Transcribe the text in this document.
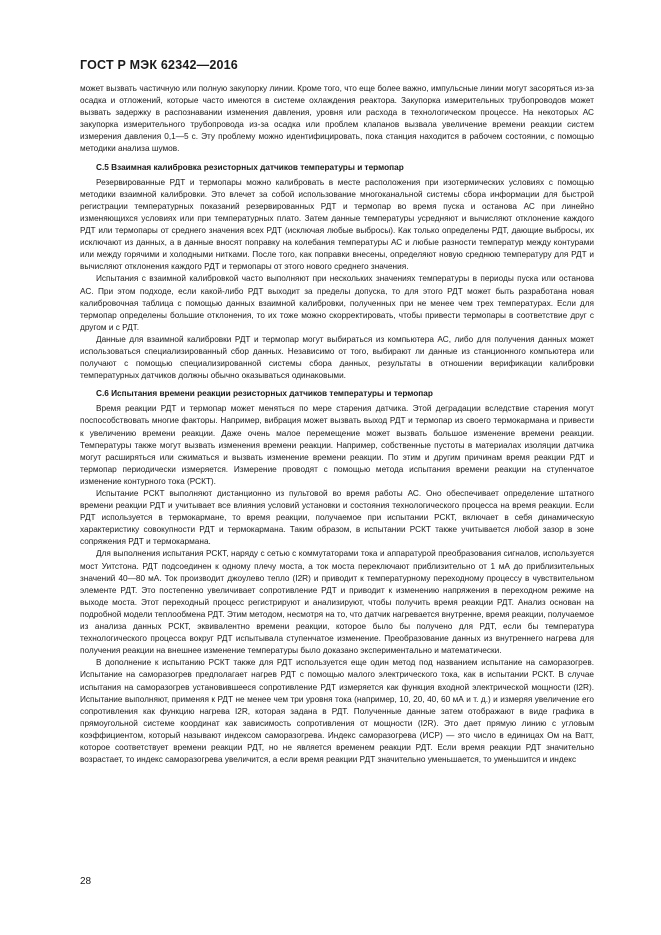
ГОСТ Р МЭК 62342—2016

может вызвать частичную или полную закупорку линии. Кроме того, что еще более важно, импульсные линии могут засоряться из-за осадка и отложений, которые часто имеются в системе охлаждения реактора. Закупорка измерительных трубопроводов может вызвать задержку в распознавании изменения давления, уровня или расхода в технологическом процессе. На некоторых АС закупорка измерительного трубопровода из-за осадка или проблем клапанов вызвала увеличение времени реакции систем измерения давления 0,1—5 с. Эту проблему можно идентифицировать, пока станция находится в рабочем состоянии, с помощью методики анализа шумов.

С.5 Взаимная калибровка резисторных датчиков температуры и термопар

Резервированные РДТ и термопары можно калибровать в месте расположения при изотермических условиях с помощью методики взаимной калибровки. Это влечет за собой использование многоканальной системы сбора информации для быстрой регистрации температурных показаний резервированных РДТ и термопар во время пуска и останова АС при линейно изменяющихся условиях или при температурных плато. Затем данные температуры усредняют и вычисляют отклонение каждого РДТ или термопары от среднего значения всех РДТ (исключая любые выбросы). Как только определены РДТ, дающие выбросы, их исключают из данных, а в данные вносят поправку на колебания температуры АС и любые разности температур между контурами или между горячими и холодными нитками. После того, как поправки внесены, определяют новую среднюю температуру для РДТ и вычисляют отклонения каждого РДТ и термопары от этого нового среднего значения.

Испытания с взаимной калибровкой часто выполняют при нескольких значениях температуры в периоды пуска или останова АС. При этом подходе, если какой-либо РДТ выходит за пределы допуска, то для этого РДТ может быть разработана новая калибровочная таблица с помощью данных взаимной калибровки, полученных при не менее чем трех температурах. Если для термопар определены большие отклонения, то их тоже можно скорректировать, чтобы привести термопары в соответствие друг с другом и с РДТ.

Данные для взаимной калибровки РДТ и термопар могут выбираться из компьютера АС, либо для получения данных может использоваться специализированный сбор данных. Независимо от того, выбирают ли данные из станционного компьютера или получают с помощью специализированной системы сбора данных, результаты в отношении верификации калибровки температурных датчиков должны обычно оказываться одинаковыми.

С.6 Испытания времени реакции резисторных датчиков температуры и термопар

Время реакции РДТ и термопар может меняться по мере старения датчика. Этой деградации вследствие старения могут поспособствовать многие факторы. Например, вибрация может вызвать выход РДТ и термопар из своего термокармана и привести к увеличению времени реакции. Даже очень малое перемещение может вызвать большое изменение времени реакции. Температуры также могут вызвать изменения времени реакции. Например, собственные пустоты в материалах изоляции датчика могут расширяться или сжиматься и вызвать изменение времени реакции. По этим и другим причинам время реакции РДТ и термопар периодически измеряется. Измерение проводят с помощью метода испытания времени реакции на ступенчатое изменение контурного тока (РСКТ).

Испытание РСКТ выполняют дистанционно из пультовой во время работы АС. Оно обеспечивает определение штатного времени реакции РДТ и учитывает все влияния условий установки и состояния технологического процесса на время реакции. Если РДТ используется в термокармане, то время реакции, получаемое при испытании РСКТ, включает в себя динамическую характеристику совокупности РДТ и термокармана. Таким образом, в испытании РСКТ также учитывается любой зазор в зоне сопряжения РДТ и термокармана.

Для выполнения испытания РСКТ, наряду с сетью с коммутаторами тока и аппаратурой преобразования сигналов, используется мост Уитстона. РДТ подсоединен к одному плечу моста, а ток моста переключают приблизительно от 1 мА до приблизительных значений 40—80 мА. Ток производит джоулево тепло (I2R) и приводит к температурному переходному процессу в чувствительном элементе РДТ. Это постепенно увеличивает сопротивление РДТ и приводит к изменению напряжения в переходном режиме на выходе моста. Этот переходный процесс регистрируют и анализируют, чтобы получить время реакции РДТ. Анализ основан на подробной модели теплообмена РДТ. Этим методом, несмотря на то, что датчик нагревается внутренне, время реакции, получаемое из анализа данных РСКТ, эквивалентно времени реакции, которое было бы получено для РДТ, если бы температура технологического процесса вокруг РДТ испытывала ступенчатое изменение. Преобразование данных из внутреннего нагрева для получения реакции на внешнее изменение температуры было доказано экспериментально и математически.

В дополнение к испытанию РСКТ также для РДТ используется еще один метод под названием испытание на саморазогрев. Испытание на саморазогрев предполагает нагрев РДТ с помощью малого электрического тока, как в испытании РСКТ. В случае испытания на саморазогрев установившееся сопротивление РДТ измеряется как функция входной электрической мощности (I2R). Испытание выполняют, применяя к РДТ не менее чем три уровня тока (например, 10, 20, 40, 60 мА и т. д.) и измеряя увеличение его сопротивления как функцию нагрева I2R, которая задана в РДТ. Полученные данные затем отображают в виде графика в прямоугольной системе координат как зависимость сопротивления от мощности (I2R). Это дает прямую линию с угловым коэффициентом, который называют индексом саморазогрева. Индекс саморазогрева (ИСР) — это число в единицах Ом на Ватт, которое соответствует времени реакции РДТ, но не является временем реакции РДТ. Если время реакции РДТ значительно возрастает, то индекс саморазогрева увеличится, а если время реакции РДТ значительно уменьшается, то уменьшится и индекс

28
